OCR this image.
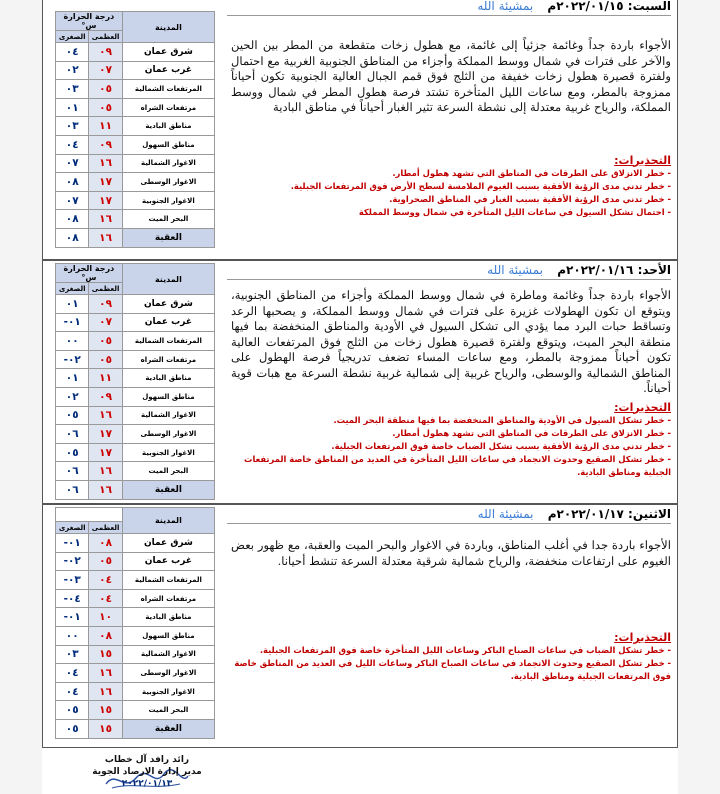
المدينة	درجة الحرارة س°	
	العظمى	الصغرى
شرق عمان	٠٩	٠٤
غرب عمان	٠٧	٠٢
المرتفعات الشمالية	٠٥	٠٣
مرتفعات الشراه	٠٥	٠١
مناطق البادية	١١	٠٣
مناطق السهول	٠٩	٠٤
الاغوار الشمالية	١٦	٠٧
الاغوار الوسطى	١٧	٠٨
الاغوار الجنوبية	١٧	٠٧
البحر الميت	١٦	٠٨
العقبة	١٦	٠٨
السبت: ٢٠٢٢/٠١/١٥م بمشيئة الله

الأجواء باردة جداً وغائمة جزئياً إلى غائمة، مع هطول زخات متقطعة من المطر بين الحين والآخر على فترات في شمال ووسط المملكة وأجزاء من المناطق الجنوبية الغربية مع احتمال ولفترة قصيرة هطول زخات خفيفة من الثلج فوق قمم الجبال العالية الجنوبية تكون أحياناً ممزوجة بالمطر، ومع ساعات الليل المتأخرة تشتد فرصة هطول المطر في شمال ووسط المملكة، والرياح غربية معتدلة إلى نشطة السرعة تثير الغبار أحياناً في مناطق البادية

التحذيرات:
- خطر الانزلاق على الطرقات في المناطق التي تشهد هطول أمطار.
- خطر تدني مدى الرؤية الأفقية بسبب الغيوم الملامسة لسطح الأرض فوق المرتفعات الجبلية.
- خطر تدني مدى الرؤية الأفقية بسبب الغبار في المناطق الصحراوية.
- احتمال تشكل السيول في ساعات الليل المتأخرة في شمال ووسط المملكة
المدينة	درجة الحرارة س°	
	العظمى	الصغرى
شرق عمان	٠٩	٠١
غرب عمان	٠٧	٠١-
المرتفعات الشمالية	٠٥	٠٠
مرتفعات الشراه	٠٥	٠٢-
مناطق البادية	١١	٠١
مناطق السهول	٠٩	٠٢
الاغوار الشمالية	١٦	٠٥
الاغوار الوسطى	١٧	٠٦
الاغوار الجنوبية	١٧	٠٥
البحر الميت	١٦	٠٦
العقبة	١٦	٠٦
الأحد: ٢٠٢٢/٠١/١٦م بمشيئة الله

الأجواء باردة جداً وغائمة وماطرة في شمال ووسط المملكة وأجزاء من المناطق الجنوبية، ويتوقع ان تكون الهطولات غزيرة على فترات في شمال ووسط المملكة، و يصحبها الرعد وتساقط حبات البرد مما يؤدي الى تشكل السيول في الأودية والمناطق المنخفضة بما فيها منطقة البحر الميت، ويتوقع ولفترة قصيرة هطول زخات من الثلج فوق المرتفعات العالية تكون أحياناً ممزوجة بالمطر، ومع ساعات المساء تضعف تدريجياً فرصة الهطول على المناطق الشمالية والوسطى، والرياح غربية إلى شمالية غربية نشطة السرعة مع هبات قوية أحياناً.

التحذيرات:
- خطر تشكل السيول في الأودية والمناطق المنخفضة بما فيها منطقة البحر الميت.
- خطر الانزلاق على الطرقات في المناطق التي تشهد هطول أمطار.
- خطر تدني مدى الرؤية الأفقية بسبب تشكل الضباب خاصة فوق المرتفعات الجبلية.
- خطر تشكل الصقيع وحدوث الانجماد في ساعات الليل المتأخرة في العديد من المناطق خاصة المرتفعات الجبلية ومناطق البادية.
المدينة		
	العظمى	الصغرى
شرق عمان	٠٨	٠١-
غرب عمان	٠٥	٠٢-
المرتفعات الشمالية	٠٤	٠٣-
مرتفعات الشراه	٠٤	٠٤-
مناطق البادية	١٠	٠١-
مناطق السهول	٠٨	٠٠
الاغوار الشمالية	١٥	٠٣
الاغوار الوسطى	١٦	٠٤
الاغوار الجنوبية	١٦	٠٤
البحر الميت	١٥	٠٥
العقبة	١٥	٠٥
الاثنين: ٢٠٢٢/٠١/١٧م بمشيئة الله

الأجواء باردة جدا في أغلب المناطق، وباردة في الاغوار والبحر الميت والعقبة، مع ظهور بعض الغيوم على ارتفاعات منخفضة، والرياح شمالية شرقية معتدلة السرعة تنشط أحيانا.

التحذيرات:
- خطر تشكل الضباب في ساعات الصباح الباكر وساعات الليل المتأخرة خاصة فوق المرتفعات الجبلية.
- خطر تشكل الصقيع وحدوث الانجماد في ساعات الصباح الباكر وساعات الليل في العديد من المناطق خاصة فوق المرتفعات الجبلية ومناطق البادية.
رائد رافد آل خطاب
مدير إدارة الارصاد الجوية
٢٠٢٢/٠١/١٣
